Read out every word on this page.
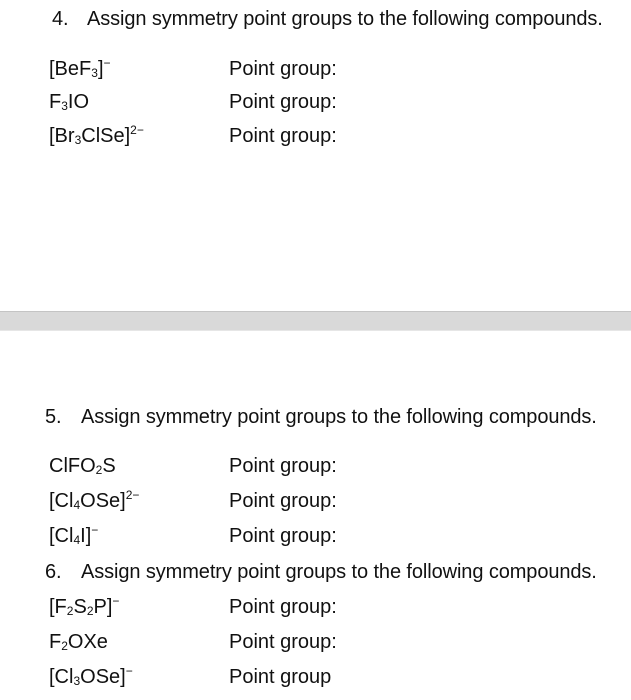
4. Assign symmetry point groups to the following compounds.
[BeF$_3$]−	Point group:
$F_3IO$	Point group:
$[Br_3ClSe]^{2-}$	Point group:
5. Assign symmetry point groups to the following compounds.
ClFO$_2$S	Point group:
$[Cl_4OSe]^{2-}$	Point group:
$[Cl_4I]^-$	Point group:
6. Assign symmetry point groups to the following compounds.
$[F_2S_2P]^-$	Point group:
$F_2OXe$	Point group:
$[Cl_3OSe]^-$	Point group
